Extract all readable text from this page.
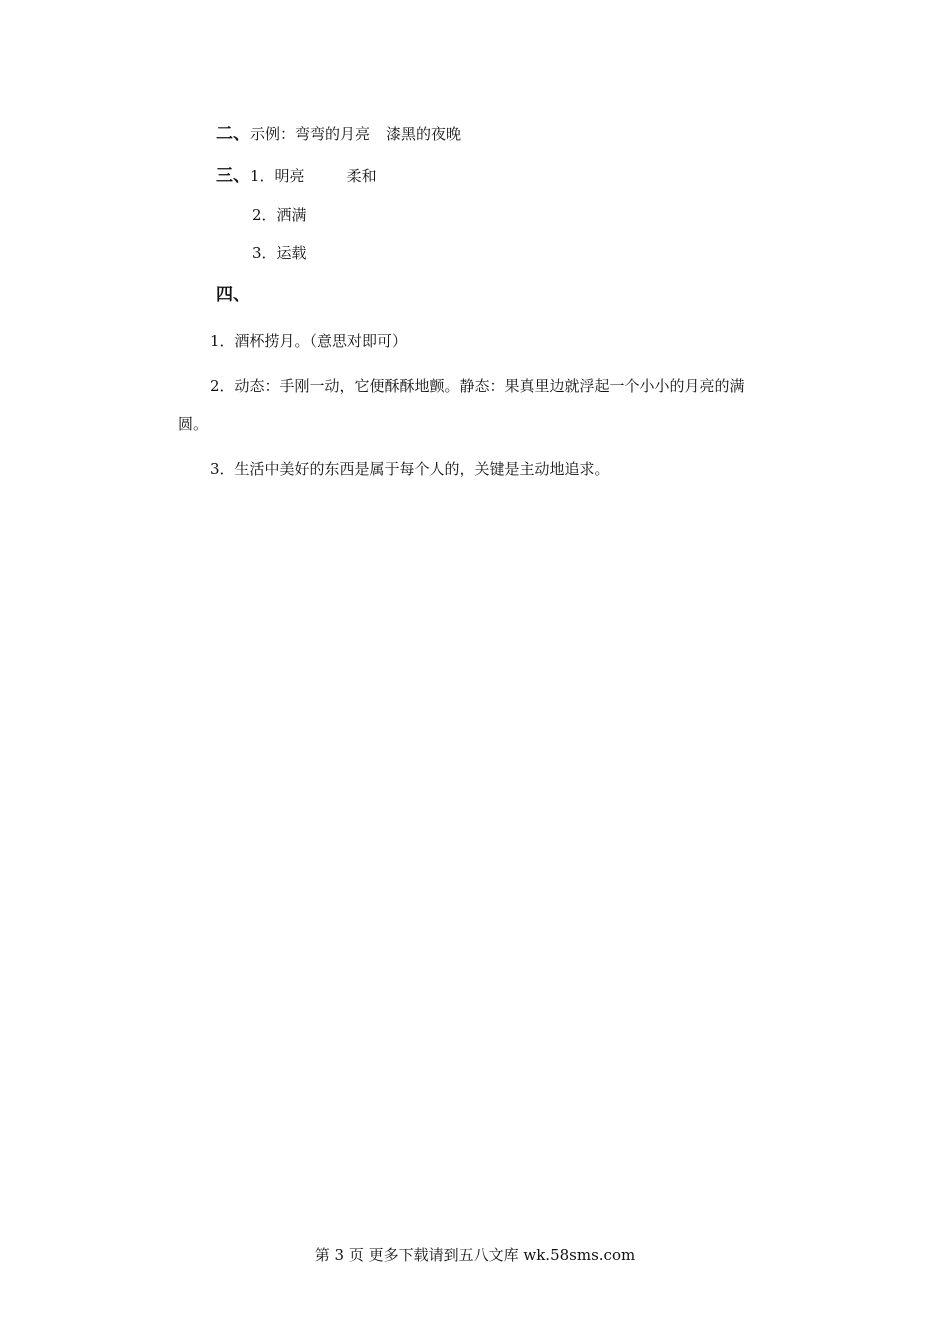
二、示例：弯弯的月亮 漆黑的夜晚
三、1．明亮	柔和
2．洒满
3．运载
四、
1．酒杯捞月。（意思对即可）
2．动态：手刚一动，它便酥酥地颤。静态：果真里边就浮起一个小小的月亮的满
圆。
3．生活中美好的东西是属于每个人的，关键是主动地追求。
第 3 页 更多下载请到五八文库 wk.58sms.com
